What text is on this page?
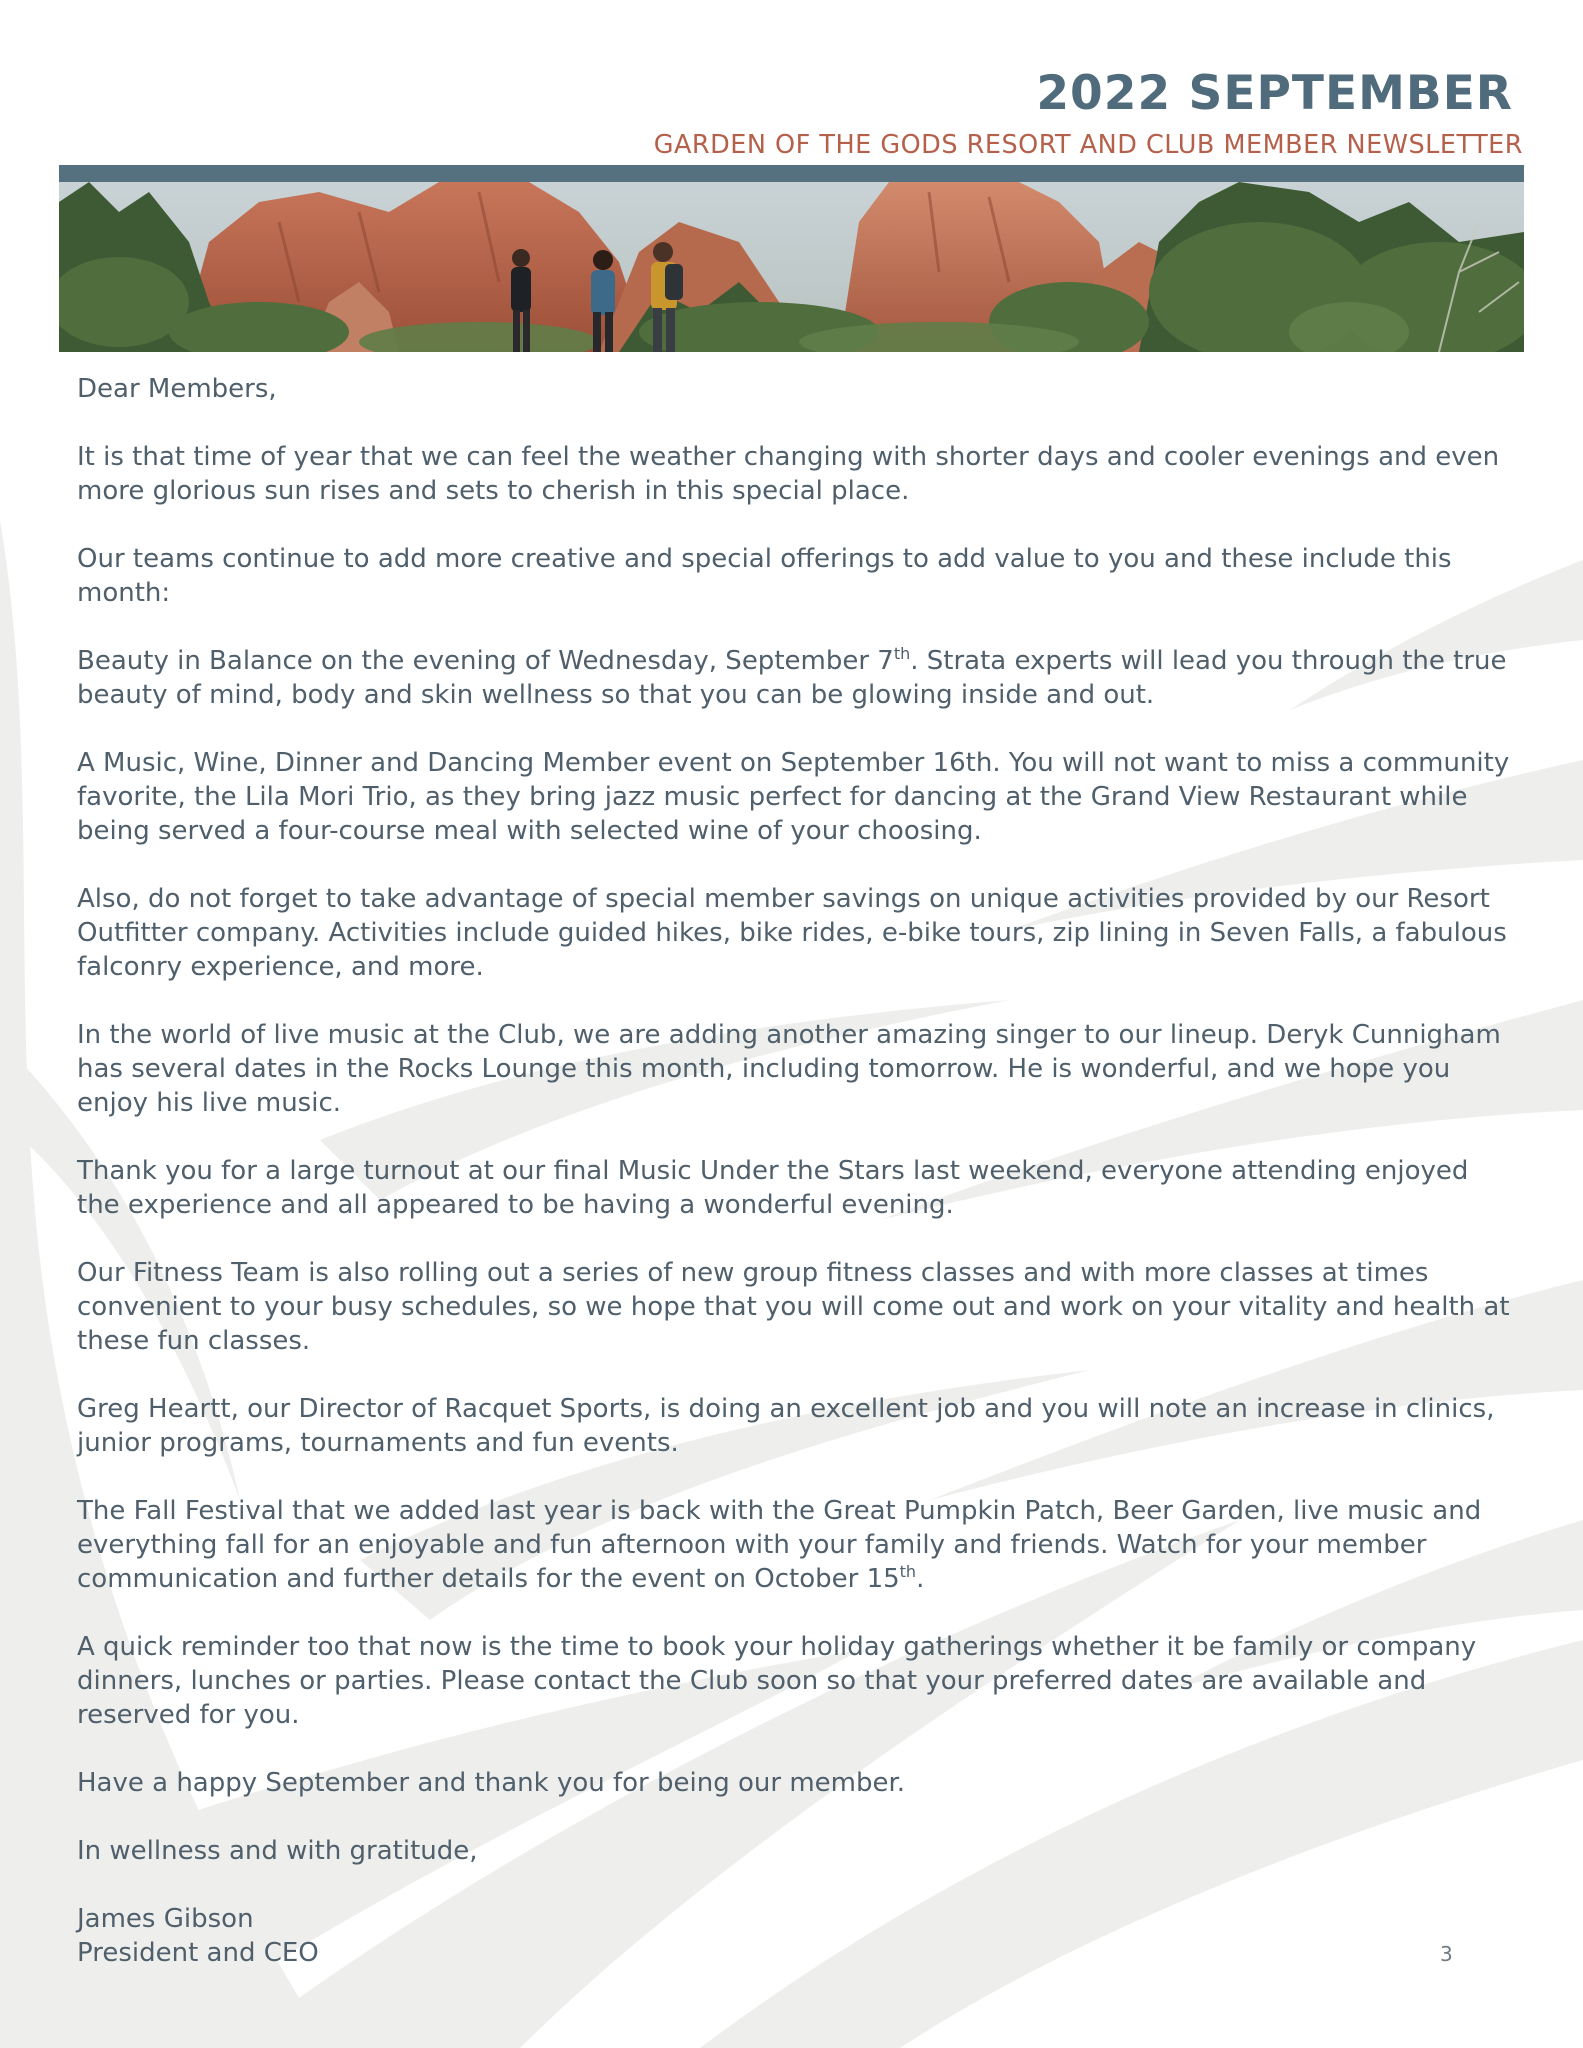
2022 SEPTEMBER
GARDEN OF THE GODS RESORT AND CLUB MEMBER NEWSLETTER

Dear Members,

It is that time of year that we can feel the weather changing with shorter days and cooler evenings and even more glorious sun rises and sets to cherish in this special place.

Our teams continue to add more creative and special offerings to add value to you and these include this month:

Beauty in Balance on the evening of Wednesday, September 7th. Strata experts will lead you through the true beauty of mind, body and skin wellness so that you can be glowing inside and out.

A Music, Wine, Dinner and Dancing Member event on September 16th. You will not want to miss a community favorite, the Lila Mori Trio, as they bring jazz music perfect for dancing at the Grand View Restaurant while being served a four-course meal with selected wine of your choosing.

Also, do not forget to take advantage of special member savings on unique activities provided by our Resort Outfitter company. Activities include guided hikes, bike rides, e-bike tours, zip lining in Seven Falls, a fabulous falconry experience, and more.

In the world of live music at the Club, we are adding another amazing singer to our lineup. Deryk Cunnigham has several dates in the Rocks Lounge this month, including tomorrow. He is wonderful, and we hope you enjoy his live music.

Thank you for a large turnout at our final Music Under the Stars last weekend, everyone attending enjoyed the experience and all appeared to be having a wonderful evening.

Our Fitness Team is also rolling out a series of new group fitness classes and with more classes at times convenient to your busy schedules, so we hope that you will come out and work on your vitality and health at these fun classes.

Greg Heartt, our Director of Racquet Sports, is doing an excellent job and you will note an increase in clinics, junior programs, tournaments and fun events.

The Fall Festival that we added last year is back with the Great Pumpkin Patch, Beer Garden, live music and everything fall for an enjoyable and fun afternoon with your family and friends. Watch for your member communication and further details for the event on October 15th.

A quick reminder too that now is the time to book your holiday gatherings whether it be family or company dinners, lunches or parties. Please contact the Club soon so that your preferred dates are available and reserved for you.

Have a happy September and thank you for being our member.

In wellness and with gratitude,

James Gibson
President and CEO	3
